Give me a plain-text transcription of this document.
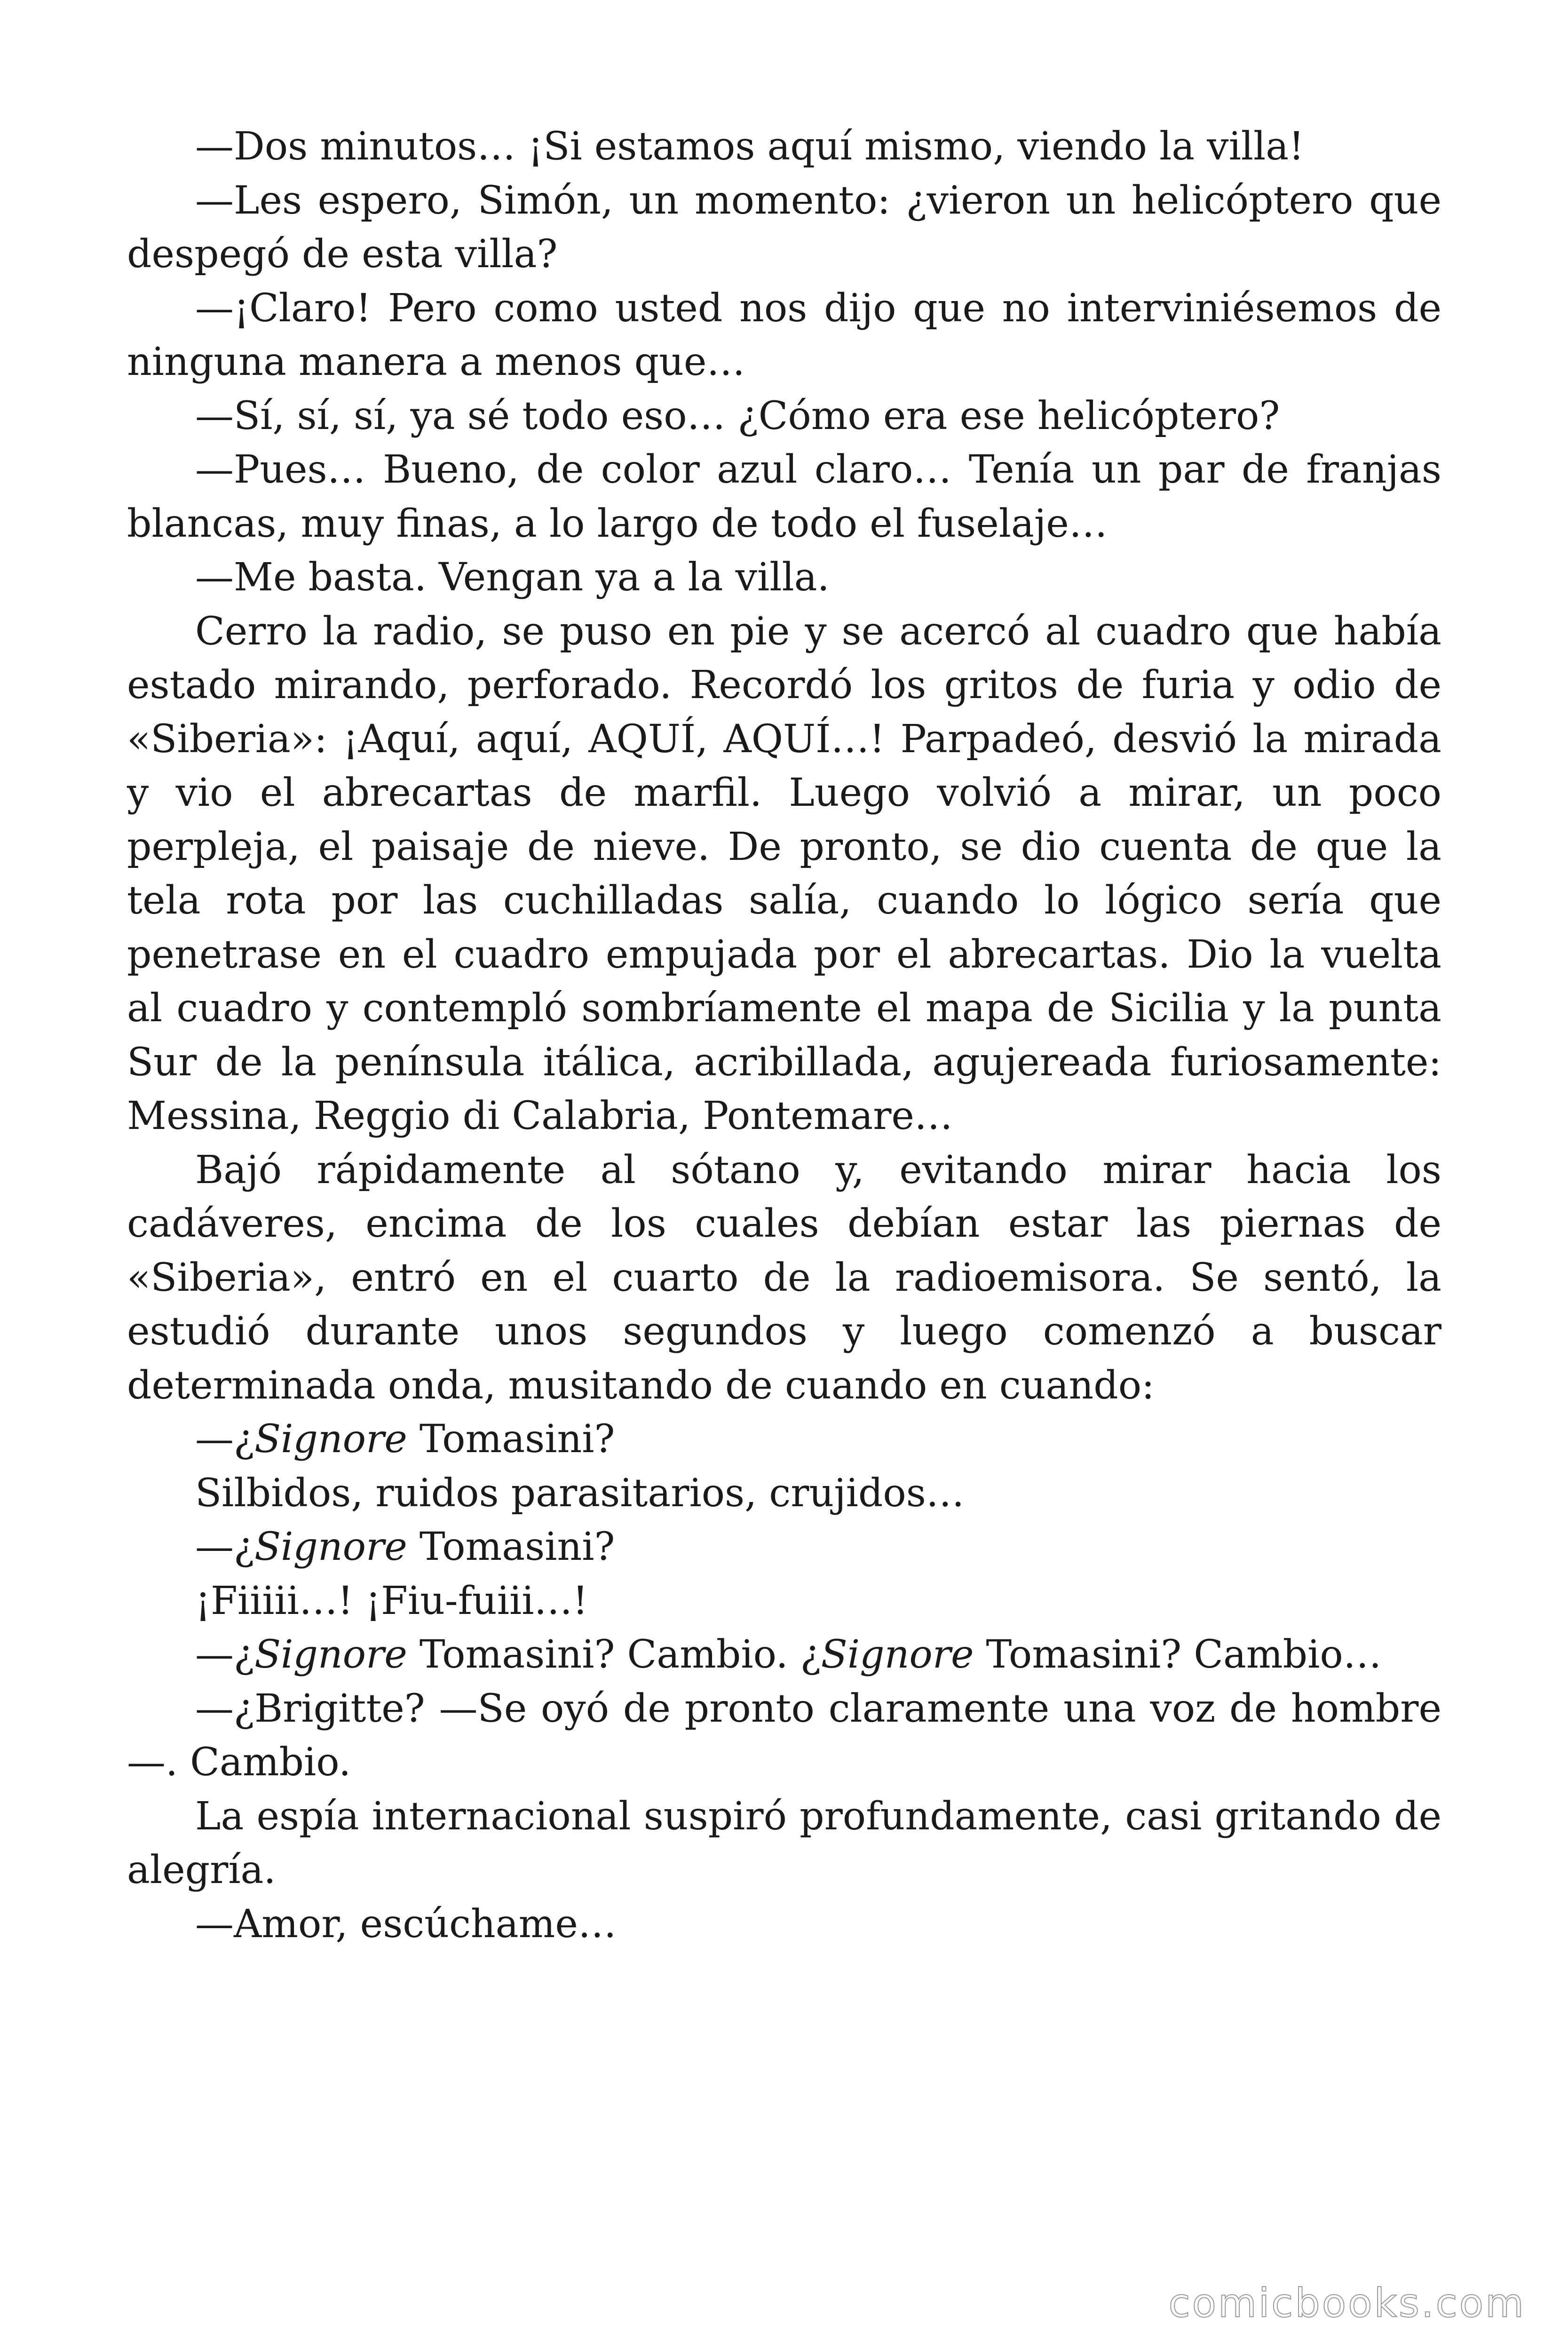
—Dos minutos… ¡Si estamos aquí mismo, viendo la villa!

—Les espero, Simón, un momento: ¿vieron un helicóptero que despegó de esta villa?

—¡Claro! Pero como usted nos dijo que no interviniésemos de ninguna manera a menos que…

—Sí, sí, sí, ya sé todo eso… ¿Cómo era ese helicóptero?

—Pues… Bueno, de color azul claro… Tenía un par de franjas blancas, muy finas, a lo largo de todo el fuselaje…

—Me basta. Vengan ya a la villa.

Cerro la radio, se puso en pie y se acercó al cuadro que había estado mirando, perforado. Recordó los gritos de furia y odio de «Siberia»: ¡Aquí, aquí, AQUÍ, AQUÍ…! Parpadeó, desvió la mirada y vio el abrecartas de marfil. Luego volvió a mirar, un poco perpleja, el paisaje de nieve. De pronto, se dio cuenta de que la tela rota por las cuchilladas salía, cuando lo lógico sería que penetrase en el cuadro empujada por el abrecartas. Dio la vuelta al cuadro y contempló sombríamente el mapa de Sicilia y la punta Sur de la península itálica, acribillada, agujereada furiosamente: Messina, Reggio di Calabria, Pontemare…

Bajó rápidamente al sótano y, evitando mirar hacia los cadáveres, encima de los cuales debían estar las piernas de «Siberia», entró en el cuarto de la radioemisora. Se sentó, la estudió durante unos segundos y luego comenzó a buscar determinada onda, musitando de cuando en cuando:

—¿Signore Tomasini?

Silbidos, ruidos parasitarios, crujidos…

—¿Signore Tomasini?

¡Fiiiii…! ¡Fiu-fuiii…!

—¿Signore Tomasini? Cambio. ¿Signore Tomasini? Cambio…

—¿Brigitte? —Se oyó de pronto claramente una voz de hombre —. Cambio.

La espía internacional suspiró profundamente, casi gritando de alegría.

—Amor, escúchame…

comicbooks.com
